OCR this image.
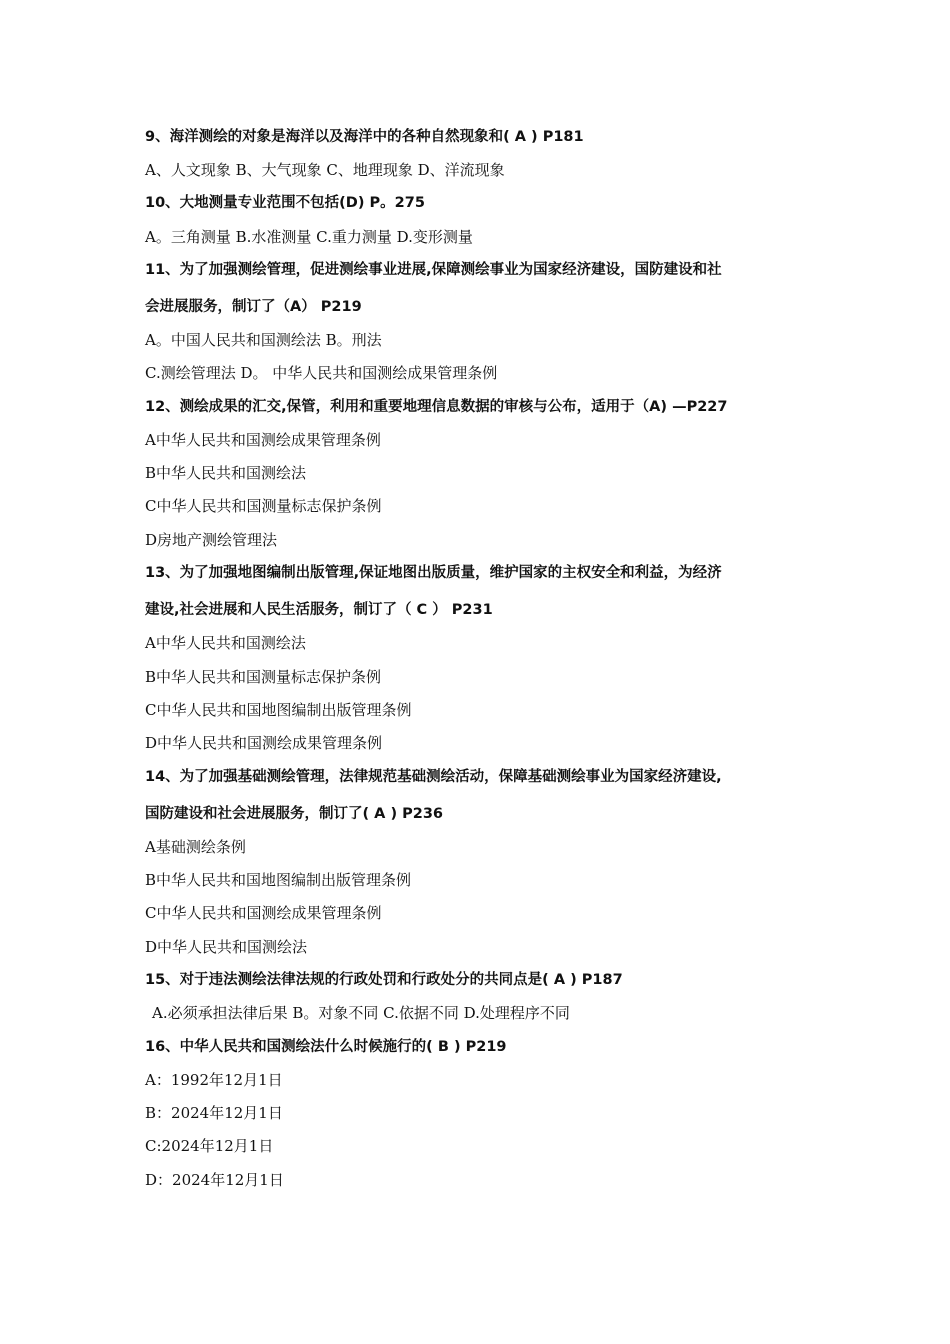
9、海洋测绘的对象是海洋以及海洋中的各种自然现象和( A ) P181
A、人文现象 B、大气现象 C、地理现象 D、洋流现象
10、大地测量专业范围不包括(D) P。275
A。三角测量 B.水准测量 C.重力测量 D.变形测量
11、为了加强测绘管理，促进测绘事业进展,保障测绘事业为国家经济建设，国防建设和社
会进展服务，制订了（A） P219
A。中国人民共和国测绘法 B。刑法
C.测绘管理法 D。 中华人民共和国测绘成果管理条例
12、测绘成果的汇交,保管，利用和重要地理信息数据的审核与公布，适用于（A) —P227
A中华人民共和国测绘成果管理条例
B中华人民共和国测绘法
C中华人民共和国测量标志保护条例
D房地产测绘管理法
13、为了加强地图编制出版管理,保证地图出版质量，维护国家的主权安全和利益，为经济
建设,社会进展和人民生活服务，制订了（ C ） P231
A中华人民共和国测绘法
B中华人民共和国测量标志保护条例
C中华人民共和国地图编制出版管理条例
D中华人民共和国测绘成果管理条例
14、为了加强基础测绘管理，法律规范基础测绘活动，保障基础测绘事业为国家经济建设,
国防建设和社会进展服务，制订了( A ) P236
A基础测绘条例
B中华人民共和国地图编制出版管理条例
C中华人民共和国测绘成果管理条例
D中华人民共和国测绘法
15、对于违法测绘法律法规的行政处罚和行政处分的共同点是( A ) P187
A.必须承担法律后果 B。对象不同 C.依据不同 D.处理程序不同
16、中华人民共和国测绘法什么时候施行的( B ) P219
A：1992年12月1日
B：2024年12月1日
C:2024年12月1日
D：2024年12月1日
